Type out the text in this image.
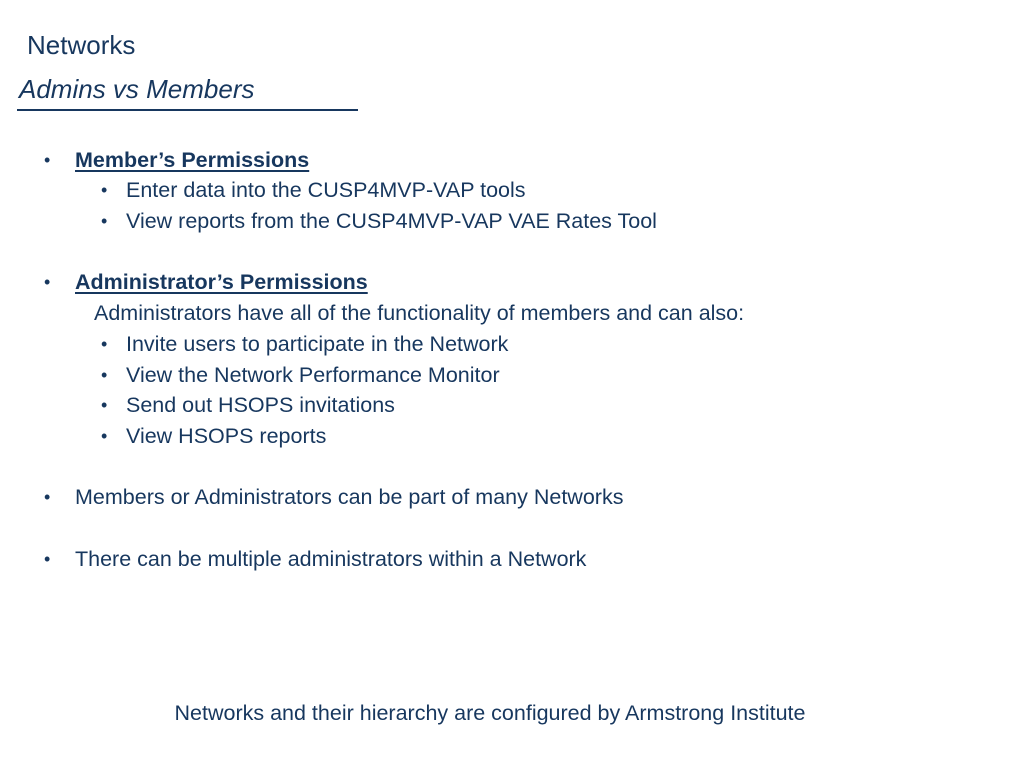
Networks
Admins vs Members
• Member’s Permissions
• Enter data into the CUSP4MVP-VAP tools
• View reports from the CUSP4MVP-VAP VAE Rates Tool
• Administrator’s Permissions
Administrators have all of the functionality of members and can also:
• Invite users to participate in the Network
• View the Network Performance Monitor
• Send out HSOPS invitations
• View HSOPS reports
• Members or Administrators can be part of many Networks
• There can be multiple administrators within a Network
Networks and their hierarchy are configured by Armstrong Institute
